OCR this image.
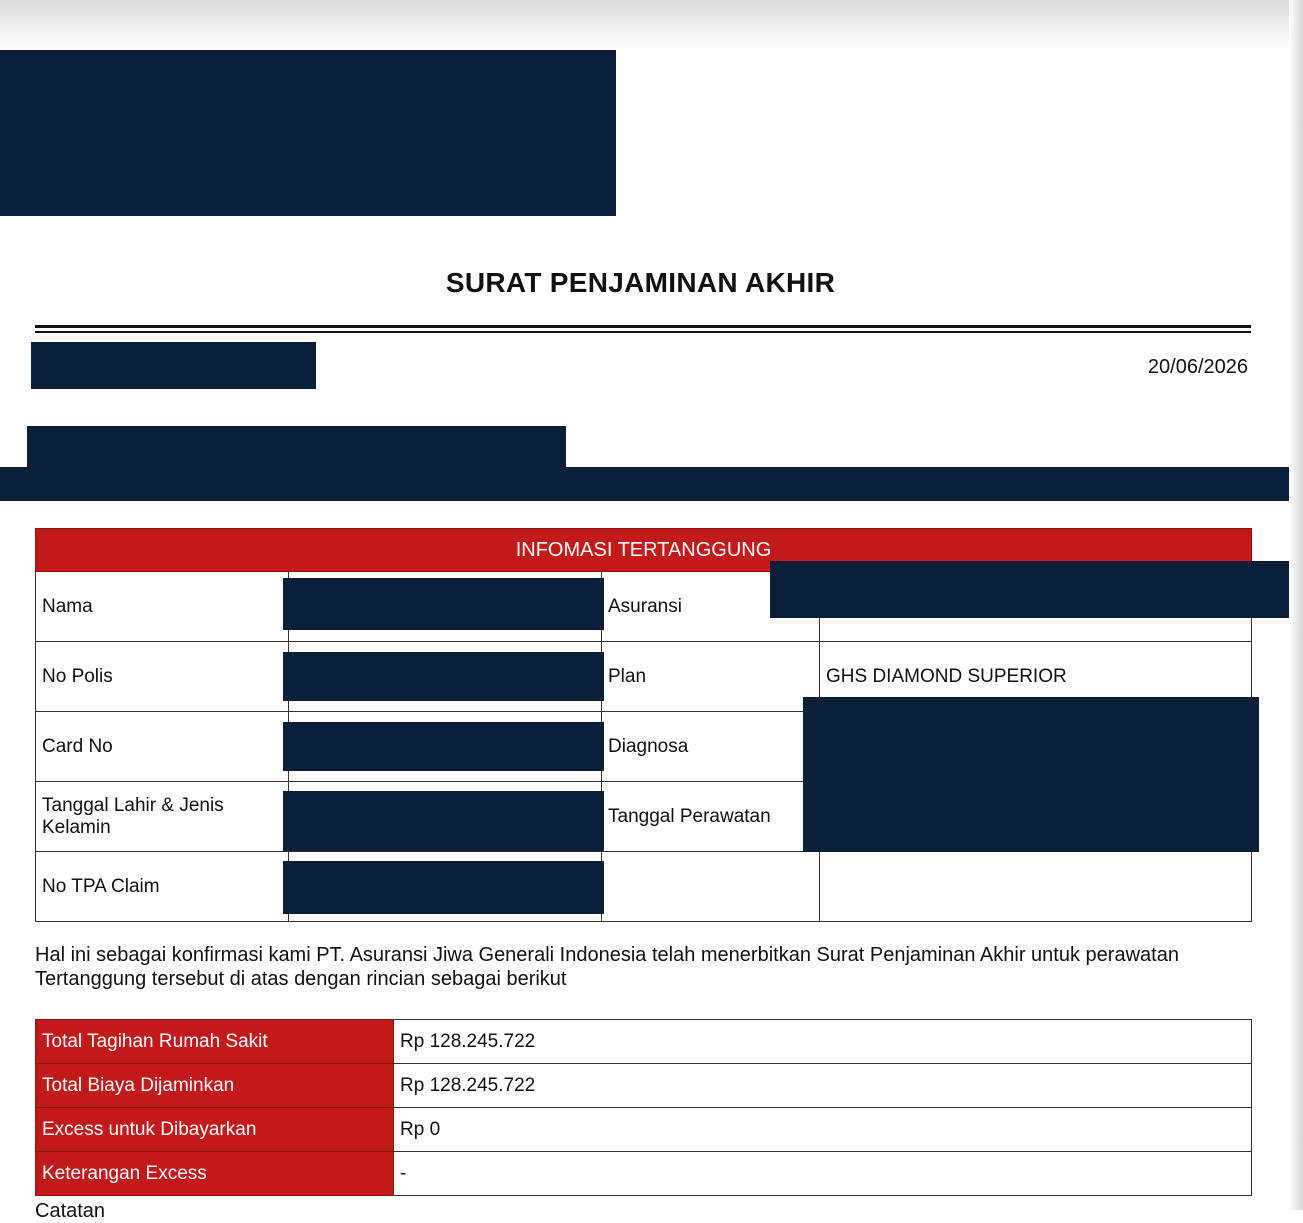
SURAT PENJAMINAN AKHIR
20/06/2026
INFOMASI TERTANGGUNG			
Nama		Asuransi	
No Polis		Plan	GHS DIAMOND SUPERIOR
Card No		Diagnosa	
Tanggal Lahir & Jenis Kelamin		Tanggal Perawatan	
No TPA Claim			
Hal ini sebagai konfirmasi kami PT. Asuransi Jiwa Generali Indonesia telah menerbitkan Surat Penjaminan Akhir untuk perawatan Tertanggung tersebut di atas dengan rincian sebagai berikut
Total Tagihan Rumah Sakit	Rp 128.245.722
Total Biaya Dijaminkan	Rp 128.245.722
Excess untuk Dibayarkan	Rp 0
Keterangan Excess	-
Catatan
